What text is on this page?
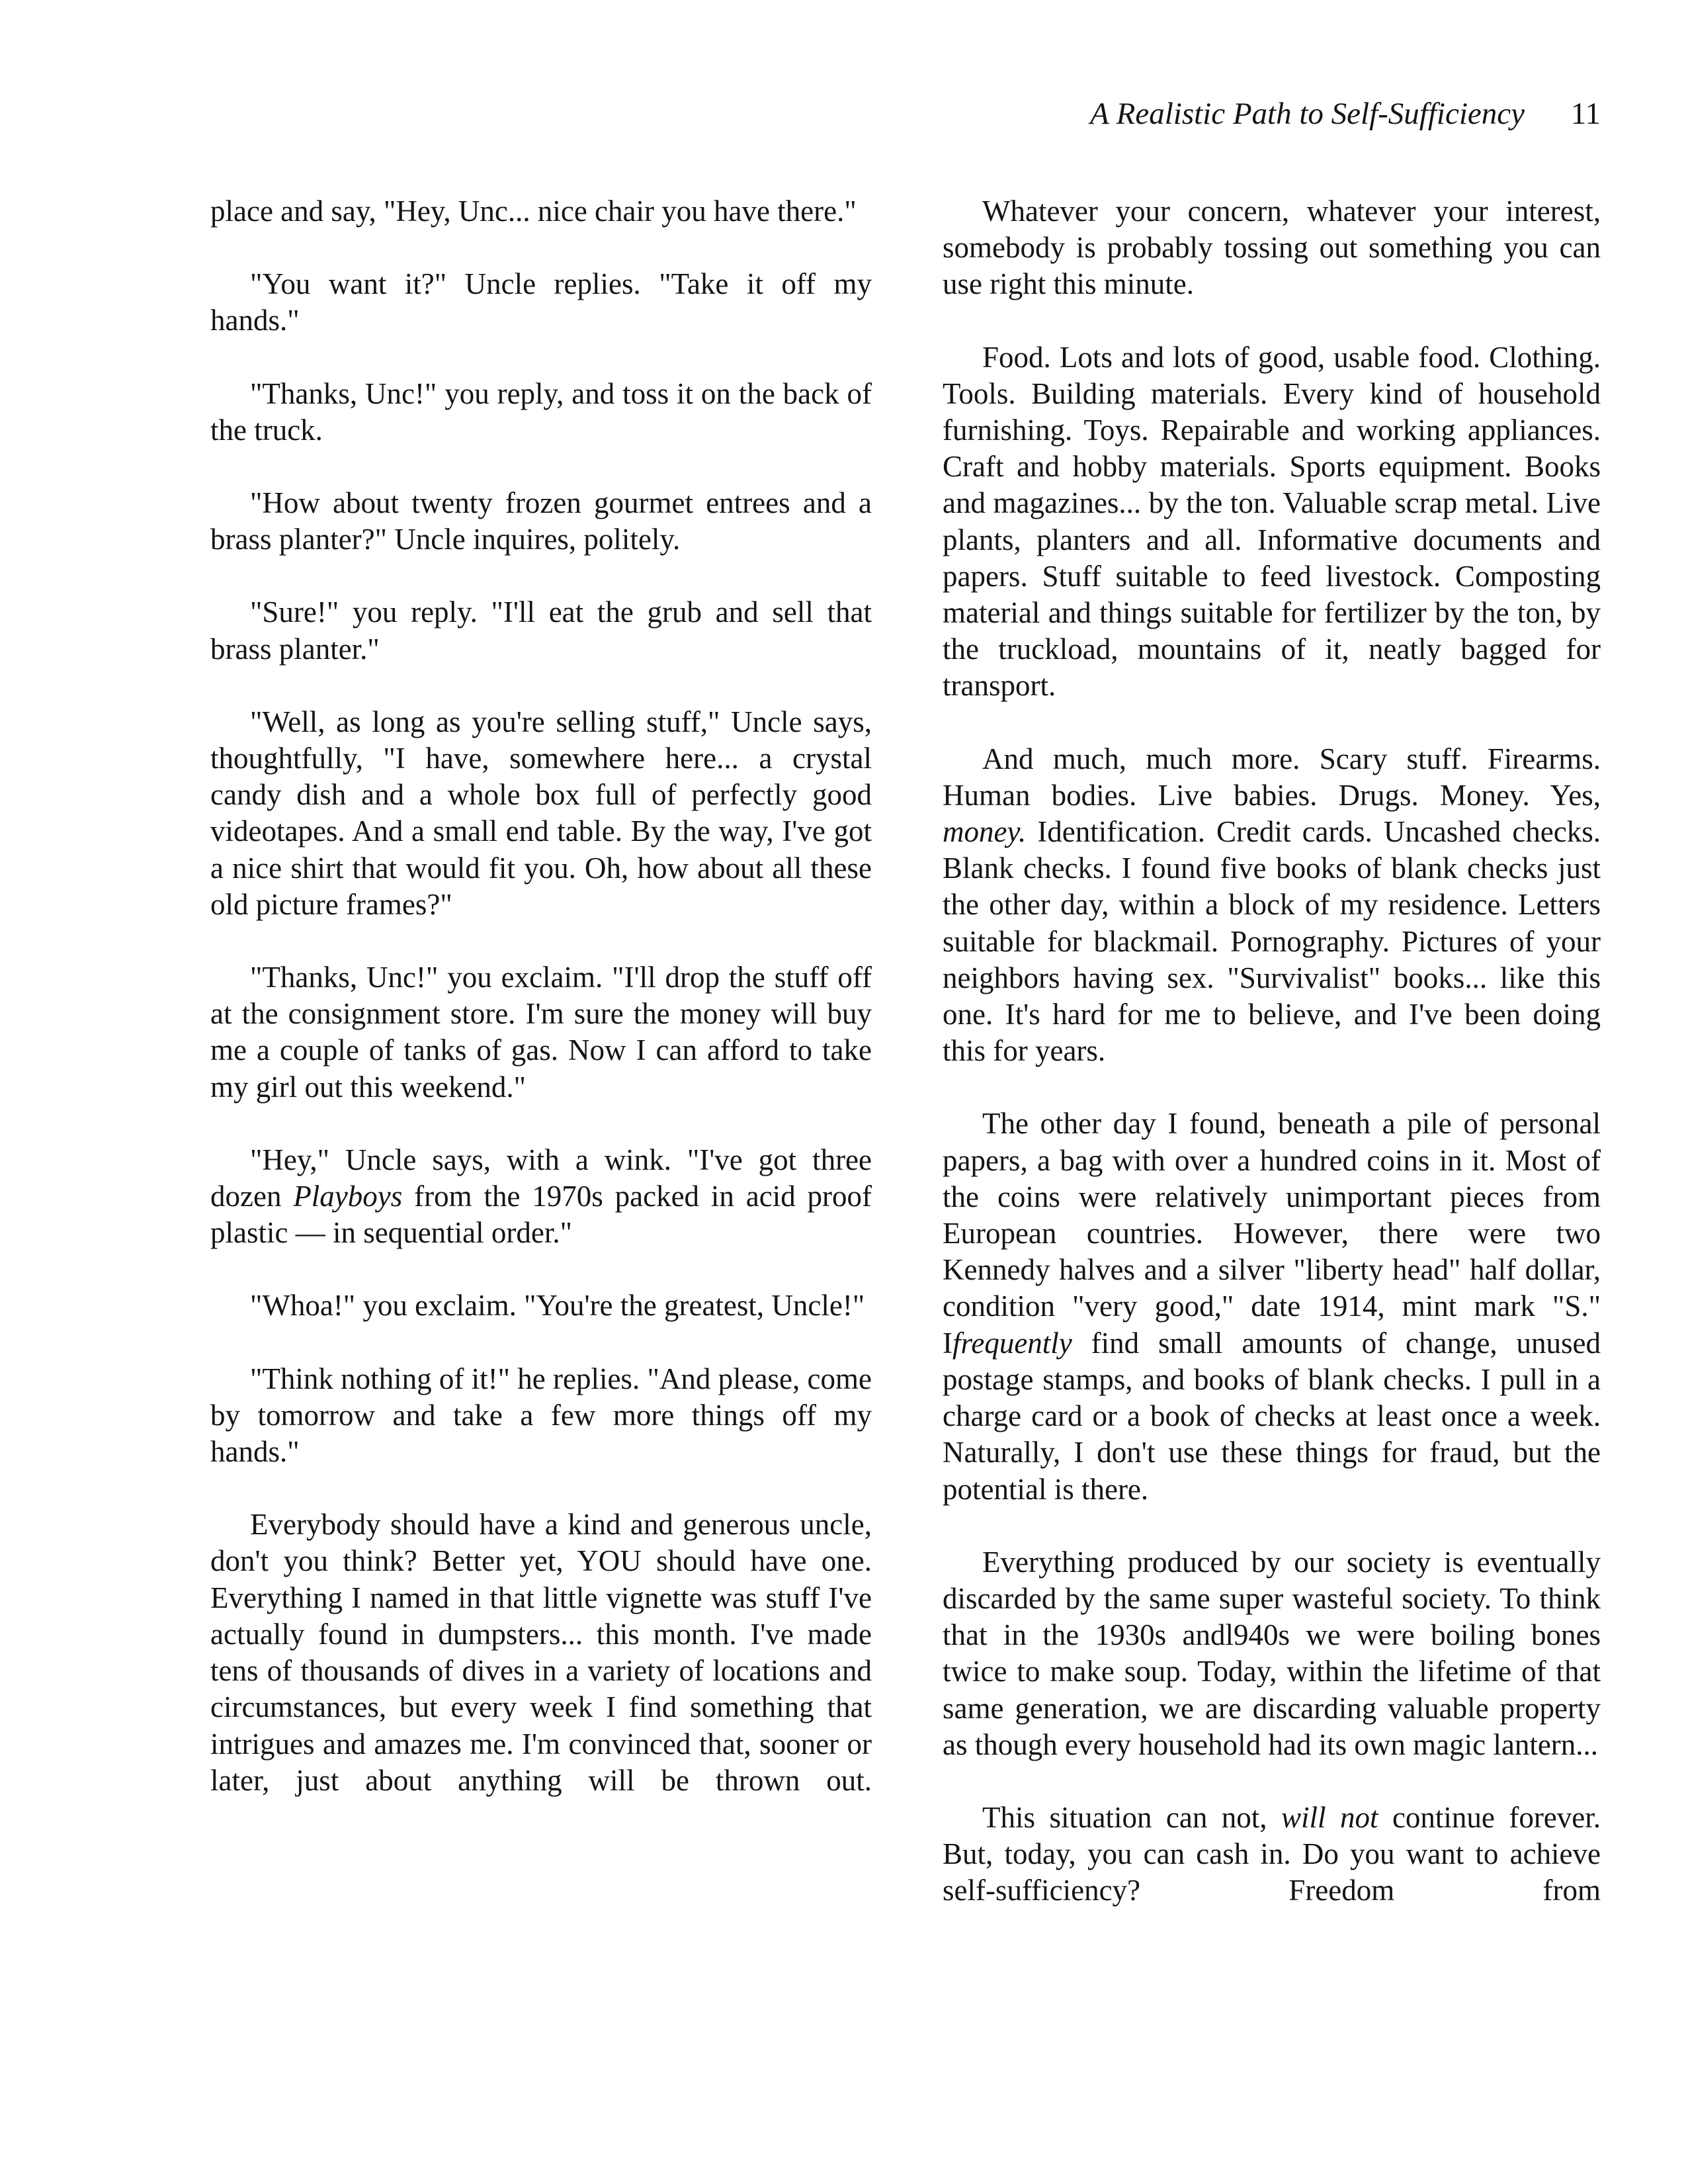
A Realistic Path to Self-Sufficiency 11

place and say, "Hey, Unc... nice chair you have there."

"You want it?" Uncle replies. "Take it off my hands."

"Thanks, Unc!" you reply, and toss it on the back of the truck.

"How about twenty frozen gourmet entrees and a brass planter?" Uncle inquires, politely.

"Sure!" you reply. "I'll eat the grub and sell that brass planter."

"Well, as long as you're selling stuff," Uncle says, thoughtfully, "I have, somewhere here... a crystal candy dish and a whole box full of perfectly good videotapes. And a small end table. By the way, I've got a nice shirt that would fit you. Oh, how about all these old picture frames?"

"Thanks, Unc!" you exclaim. "I'll drop the stuff off at the consignment store. I'm sure the money will buy me a couple of tanks of gas. Now I can afford to take my girl out this weekend."

"Hey," Uncle says, with a wink. "I've got three dozen Playboys from the 1970s packed in acid proof plastic — in sequential order."

"Whoa!" you exclaim. "You're the greatest, Uncle!"

"Think nothing of it!" he replies. "And please, come by tomorrow and take a few more things off my hands."

Everybody should have a kind and generous uncle, don't you think? Better yet, YOU should have one. Everything I named in that little vignette was stuff I've actually found in dumpsters... this month. I've made tens of thousands of dives in a variety of locations and circumstances, but every week I find something that intrigues and amazes me. I'm convinced that, sooner or later, just about anything will be thrown out.

Whatever your concern, whatever your interest, somebody is probably tossing out something you can use right this minute.

Food. Lots and lots of good, usable food. Clothing. Tools. Building materials. Every kind of household furnishing. Toys. Repairable and working appliances. Craft and hobby materials. Sports equipment. Books and magazines... by the ton. Valuable scrap metal. Live plants, planters and all. Informative documents and papers. Stuff suitable to feed livestock. Composting material and things suitable for fertilizer by the ton, by the truckload, mountains of it, neatly bagged for transport.

And much, much more. Scary stuff. Firearms. Human bodies. Live babies. Drugs. Money. Yes, money. Identification. Credit cards. Uncashed checks. Blank checks. I found five books of blank checks just the other day, within a block of my residence. Letters suitable for blackmail. Pornography. Pictures of your neighbors having sex. "Survivalist" books... like this one. It's hard for me to believe, and I've been doing this for years.

The other day I found, beneath a pile of personal papers, a bag with over a hundred coins in it. Most of the coins were relatively unimportant pieces from European countries. However, there were two Kennedy halves and a silver "liberty head" half dollar, condition "very good," date 1914, mint mark "S." Ifrequently find small amounts of change, unused postage stamps, and books of blank checks. I pull in a charge card or a book of checks at least once a week. Naturally, I don't use these things for fraud, but the potential is there.

Everything produced by our society is eventually discarded by the same super wasteful society. To think that in the 1930s andl940s we were boiling bones twice to make soup. Today, within the lifetime of that same generation, we are discarding valuable property as though every household had its own magic lantern...

This situation can not, will not continue forever. But, today, you can cash in. Do you want to achieve self-sufficiency? Freedom from
